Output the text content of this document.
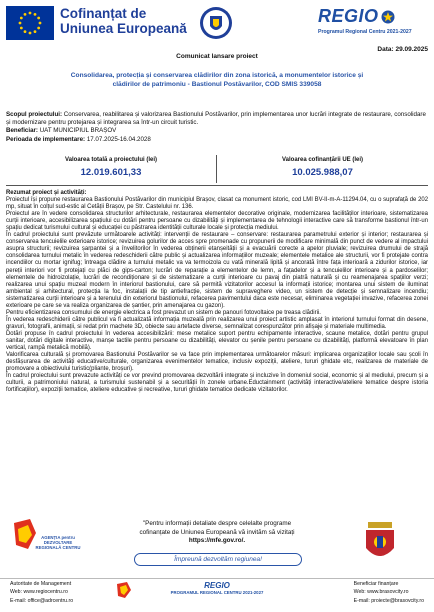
Cofinanțat de
Uniunea Europeană
REGIO
Programul Regional Centru 2021-2027
Data: 29.09.2025
Comunicat lansare proiect
Consolidarea, protecția și conservarea clădirilor din zona istorică, a monumentelor istorice și clădirilor de patrimoniu - Bastionul Postăvarilor, COD SMIS 339058
Scopul proiectului: Conservarea, reabilitarea și valorizarea Bastionului Postăvarilor, prin implementarea unor lucrări integrate de restaurare, consolidare și modernizare pentru protejarea și integrarea sa într-un circuit turistic.
Beneficiar: UAT MUNICIPIUL BRAȘOV
Perioada de implementare: 17.07.2025-16.04.2028
Valoarea totală a proiectului (lei)
12.019.601,33
Valoarea cofinanțării UE (lei)
10.025.988,07
Rezumat proiect și activități:

Proiectul își propune restaurarea Bastionului Postăvarilor din municipiul Brașov, clasat ca monument istoric, cod LMI BV-II-m-A-11294.04, cu o suprafață de 202 mp, situat în colțul sud-estic al Cetății Brașov, pe Str. Castelului nr. 136.

Proiectul are în vedere consolidarea structurilor arhitecturale, restaurarea elementelor decorative originale, modernizarea facilităților interioare, sistematizarea curții interioare, accesibilizarea spațiului cu dotări pentru persoane cu dizabilități și implementarea de tehnologii interactive care să transforme bastionul într-un spațiu dedicat turismului cultural și educației cu păstrarea identității culturale locale și protecția mediului.

În cadrul proiectului sunt prevăzute următoarele activități: intervenții de restaurare – conservare: restaurarea parametrului exterior și interior; restaurarea și conservarea tencuielile exterioare istorice; revizuirea golurilor de acces spre promenade cu propunerii de modificare minimală din punct de vedere al impactului asupra structurii; revizuirea șarpantei și a învelitorilor în vederea obținerii etanșeității și a evacuării corecte a apelor pluviale; revizuirea drumului de strajă consolidarea turnului metalic în vederea redeschiderii către public și actualizarea informațiilor muzeale; elementele metalice ale structurii, vor fi protejate contra incendiilor cu mortar ignifug; întreaga clădire a turnului metalic va va termoizola cu vată minerală lipită și ancorată între fața interioară a zidurilor istorice, iar pereții interiori vor fi protejați cu plăci de gips-carton; lucrări de reparație a elementelor de lemn, a fațadelor și a tencuielilor interioare și a pardoselilor; elementele de hidroizolație, lucrări de recondiționare și de sistematizare a curții interioare cu pavaj din piatră naturală și cu reamenajarea spațiilor verzi; realizarea unui spațiu muzeal modern în interiorul bastionului, care să permită vizitatorilor accesul la informații istorice; montarea unui sistem de iluminat ambiental și arhitectural, protecția la foc, instalații de tip antiefracție, sistem de supraveghere video, un sistem de detecție și semnalizare incendiu; sistematizarea curții interioare și a terenului din exteriorul bastionului, refacerea pavimentului daca este necesar, eliminarea vegetației invazive, refacerea zonei exterioare pe care se va realiza organizarea de șantier, prin amenajarea cu gazon).

Pentru eficientizarea consumului de energie electrica a fost prevazut un sistem de panouri fotovoltaice pe treasa clădirii.

În vederea redeschiderii către publicul va fi actualizată informația muzeală prin realizarea unui proiect artistic amplasat în interiorul turnului format din desene, gravuri, fotografii, animații, si redat prin machete 3D, obiecte sau artefacte diverse, semnalizat corespunzător prin afișaje și materiale multimedia.

Dotări propuse în cadrul proiectului în vederea accesibilizării: mese metalice suport pentru echipamente interactive, scaune metalice, dotări pentru grupul sanitar, dotări digitale interactive, manșe tactile pentru persoane cu dizabilități, elevator cu șenile pentru persoane cu dizabilități, platformă elevatoare în plan vertical, rampă metalică mobilă).

Valorificarea culturală și promovarea Bastionului Postăvarilor se va face prin implementarea următoarelor măsuri: implicarea organizațiilor locale sau școli în desfășurarea de activități educative/culturale, organizarea evenimentelor tematice, inclusiv expoziții, ateliere, tururi ghidate etc, realizarea de materiale de promovare a obiectivului turistic(pliante, broșuri).

În cadrul proiectului sunt prevazute activități ce vor prevind promovarea dezvoltării integrate și incluzive în domeniul social, economic și al mediului, precum și a culturii, a patrimoniului natural, a turismului sustenabil și a securității în zonele urbane.Eductainment (activități interactive/ateliere tematice despre istoria fortificațiilor), expoziții tematice, ateliere educative și recreative, tururi ghidate tematice dedicate vizitatorilor.

AGENȚIA pentru DEZVOLTARE REGIONALĂ CENTRU
"Pentru informații detaliate despre celelalte programe
cofinanțate de Uniunea Europeană vă invităm să vizitați
https://mfe.gov.ro/.
Împreună dezvoltăm regiunea!
Autoritate de Management
Web: www.regiocentru.ro
E-mail: office@adrcentru.ro
REGIO
PROGRAMUL REGIONAL CENTRU 2021-2027
Beneficiar finanțare
Web: www.brasovcity.ro
E-mail: proiecte@brasovcity.ro
